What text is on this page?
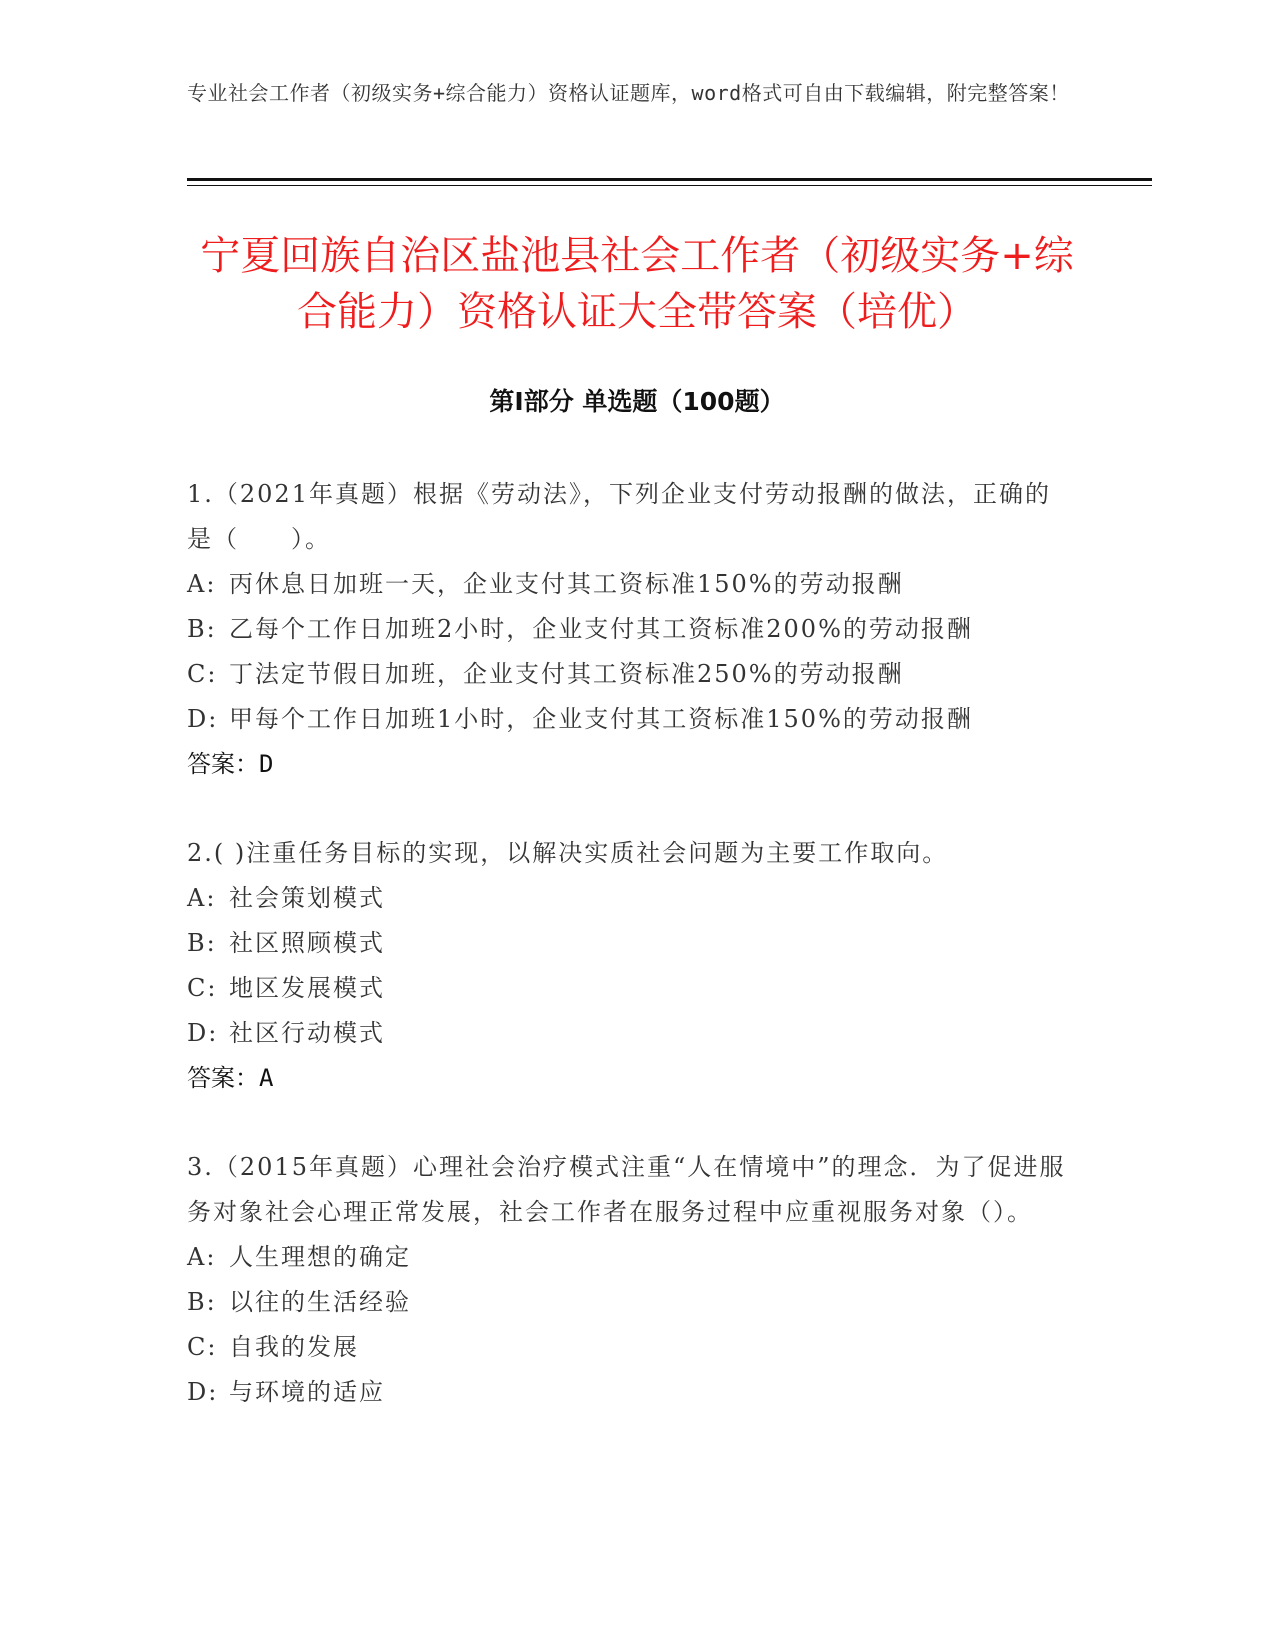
专业社会工作者（初级实务+综合能力）资格认证题库，word格式可自由下载编辑，附完整答案！
宁夏回族自治区盐池县社会工作者（初级实务+综合能力）资格认证大全带答案（培优）
第Ⅰ部分 单选题（100题）

1.（2021年真题）根据《劳动法》，下列企业支付劳动报酬的做法，正确的是（　　）。

A: 丙休息日加班一天，企业支付其工资标准150%的劳动报酬

B: 乙每个工作日加班2小时，企业支付其工资标准200%的劳动报酬

C: 丁法定节假日加班，企业支付其工资标准250%的劳动报酬

D: 甲每个工作日加班1小时，企业支付其工资标准150%的劳动报酬

答案：D

2.( )注重任务目标的实现，以解决实质社会问题为主要工作取向。

A: 社会策划模式

B: 社区照顾模式

C: 地区发展模式

D: 社区行动模式

答案：A

3.（2015年真题）心理社会治疗模式注重“人在情境中”的理念．为了促进服务对象社会心理正常发展，社会工作者在服务过程中应重视服务对象（）。

A: 人生理想的确定

B: 以往的生活经验

C: 自我的发展

D: 与环境的适应
